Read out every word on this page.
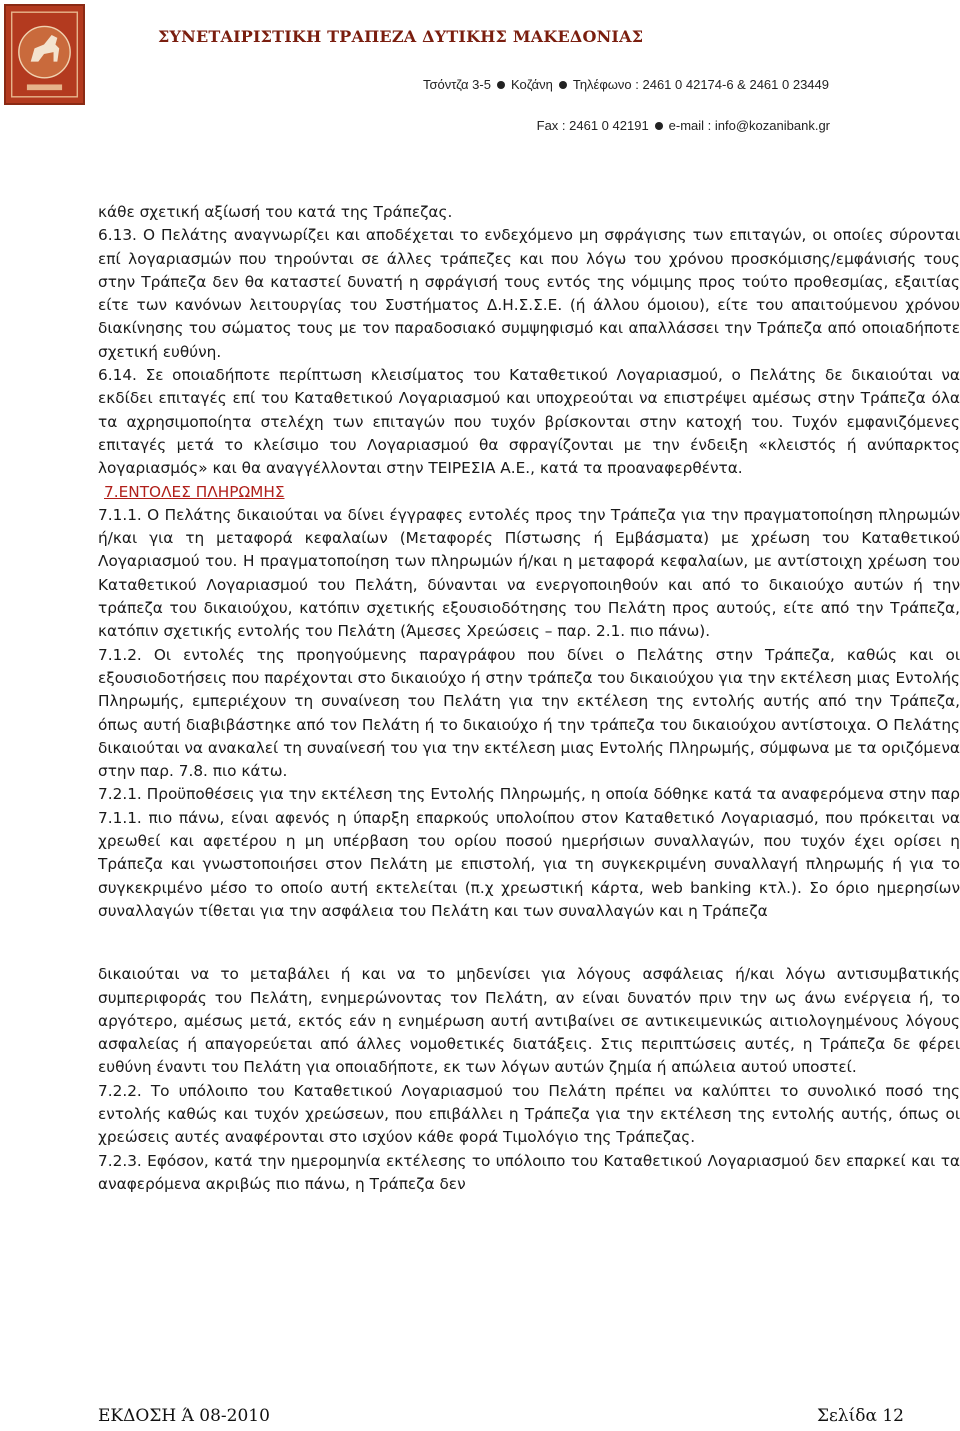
ΣΥΝΕΤΑΙΡΙΣΤΙΚΗ ΤΡΑΠΕΖΑ ΔΥΤΙΚΗΣ ΜΑΚΕΔΟΝΙΑΣ
Τσόντζα 3-5 Κοζάνη Τηλέφωνο : 2461 0 42174-6 & 2461 0 23449
Fax : 2461 0 42191 e-mail : info@kozanibank.gr

κάθε σχετική αξίωσή του κατά της Τράπεζας.

6.13. Ο Πελάτης αναγνωρίζει και αποδέχεται το ενδεχόμενο μη σφράγισης των επιταγών, οι οποίες σύρονται επί λογαριασμών που τηρούνται σε άλλες τράπεζες και που λόγω του χρόνου προσκόμισης/εμφάνισής τους στην Τράπεζα δεν θα καταστεί δυνατή η σφράγισή τους εντός της νόμιμης προς τούτο προθεσμίας, εξαιτίας είτε των κανόνων λειτουργίας του Συστήματος Δ.Η.Σ.Σ.Ε. (ή άλλου όμοιου), είτε του απαιτούμενου χρόνου διακίνησης του σώματος τους με τον παραδοσιακό συμψηφισμό και απαλλάσσει την Τράπεζα από οποιαδήποτε σχετική ευθύνη.

6.14. Σε οποιαδήποτε περίπτωση κλεισίματος του Καταθετικού Λογαριασμού, ο Πελάτης δε δικαιούται να εκδίδει επιταγές επί του Καταθετικού Λογαριασμού και υποχρεούται να επιστρέψει αμέσως στην Τράπεζα όλα τα αχρησιμοποίητα στελέχη των επιταγών που τυχόν βρίσκονται στην κατοχή του. Τυχόν εμφανιζόμενες επιταγές μετά το κλείσιμο του Λογαριασμού θα σφραγίζονται με την ένδειξη «κλειστός ή ανύπαρκτος λογαριασμός» και θα αναγγέλλονται στην ΤΕΙΡΕΣΙΑ Α.Ε., κατά τα προαναφερθέντα.

7.ΕΝΤΟΛΕΣ ΠΛΗΡΩΜΗΣ

7.1.1. Ο Πελάτης δικαιούται να δίνει έγγραφες εντολές προς την Τράπεζα για την πραγματοποίηση πληρωμών ή/και για τη μεταφορά κεφαλαίων (Μεταφορές Πίστωσης ή Εμβάσματα) με χρέωση του Καταθετικού Λογαριασμού του. Η πραγματοποίηση των πληρωμών ή/και η μεταφορά κεφαλαίων, με αντίστοιχη χρέωση του Καταθετικού Λογαριασμού του Πελάτη, δύνανται να ενεργοποιηθούν και από το δικαιούχο αυτών ή την τράπεζα του δικαιούχου, κατόπιν σχετικής εξουσιοδότησης του Πελάτη προς αυτούς, είτε από την Τράπεζα, κατόπιν σχετικής εντολής του Πελάτη (Άμεσες Χρεώσεις – παρ. 2.1. πιο πάνω).

7.1.2. Οι εντολές της προηγούμενης παραγράφου που δίνει ο Πελάτης στην Τράπεζα, καθώς και οι εξουσιοδοτήσεις που παρέχονται στο δικαιούχο ή στην τράπεζα του δικαιούχου για την εκτέλεση μιας Εντολής Πληρωμής, εμπεριέχουν τη συναίνεση του Πελάτη για την εκτέλεση της εντολής αυτής από την Τράπεζα, όπως αυτή διαβιβάστηκε από τον Πελάτη ή το δικαιούχο ή την τράπεζα του δικαιούχου αντίστοιχα. Ο Πελάτης δικαιούται να ανακαλεί τη συναίνεσή του για την εκτέλεση μιας Εντολής Πληρωμής, σύμφωνα με τα οριζόμενα στην παρ. 7.8. πιο κάτω.

7.2.1. Προϋποθέσεις για την εκτέλεση της Εντολής Πληρωμής, η οποία δόθηκε κατά τα αναφερόμενα στην παρ 7.1.1. πιο πάνω, είναι αφενός η ύπαρξη επαρκούς υπολοίπου στον Καταθετικό Λογαριασμό, που πρόκειται να χρεωθεί και αφετέρου η μη υπέρβαση του ορίου ποσού ημερήσιων συναλλαγών, που τυχόν έχει ορίσει η Τράπεζα και γνωστοποιήσει στον Πελάτη με επιστολή, για τη συγκεκριμένη συναλλαγή πληρωμής ή για το συγκεκριμένο μέσο το οποίο αυτή εκτελείται (π.χ χρεωστική κάρτα, web banking κτλ.). Σο όριο ημερησίων συναλλαγών τίθεται για την ασφάλεια του Πελάτη και των συναλλαγών και η Τράπεζα

δικαιούται να το μεταβάλει ή και να το μηδενίσει για λόγους ασφάλειας ή/και λόγω αντισυμβατικής συμπεριφοράς του Πελάτη, ενημερώνοντας τον Πελάτη, αν είναι δυνατόν πριν την ως άνω ενέργεια ή, το αργότερο, αμέσως μετά, εκτός εάν η ενημέρωση αυτή αντιβαίνει σε αντικειμενικώς αιτιολογημένους λόγους ασφαλείας ή απαγορεύεται από άλλες νομοθετικές διατάξεις. Στις περιπτώσεις αυτές, η Τράπεζα δε φέρει ευθύνη έναντι του Πελάτη για οποιαδήποτε, εκ των λόγων αυτών ζημία ή απώλεια αυτού υποστεί.

7.2.2. Το υπόλοιπο του Καταθετικού Λογαριασμού του Πελάτη πρέπει να καλύπτει το συνολικό ποσό της εντολής καθώς και τυχόν χρεώσεων, που επιβάλλει η Τράπεζα για την εκτέλεση της εντολής αυτής, όπως οι χρεώσεις αυτές αναφέρονται στο ισχύον κάθε φορά Τιμολόγιο της Τράπεζας.

7.2.3. Εφόσον, κατά την ημερομηνία εκτέλεσης το υπόλοιπο του Καταθετικού Λογαριασμού δεν επαρκεί και τα αναφερόμενα ακριβώς πιο πάνω, η Τράπεζα δεν

ΕΚΔΟΣΗ Ά 08-2010	Σελίδα 12
